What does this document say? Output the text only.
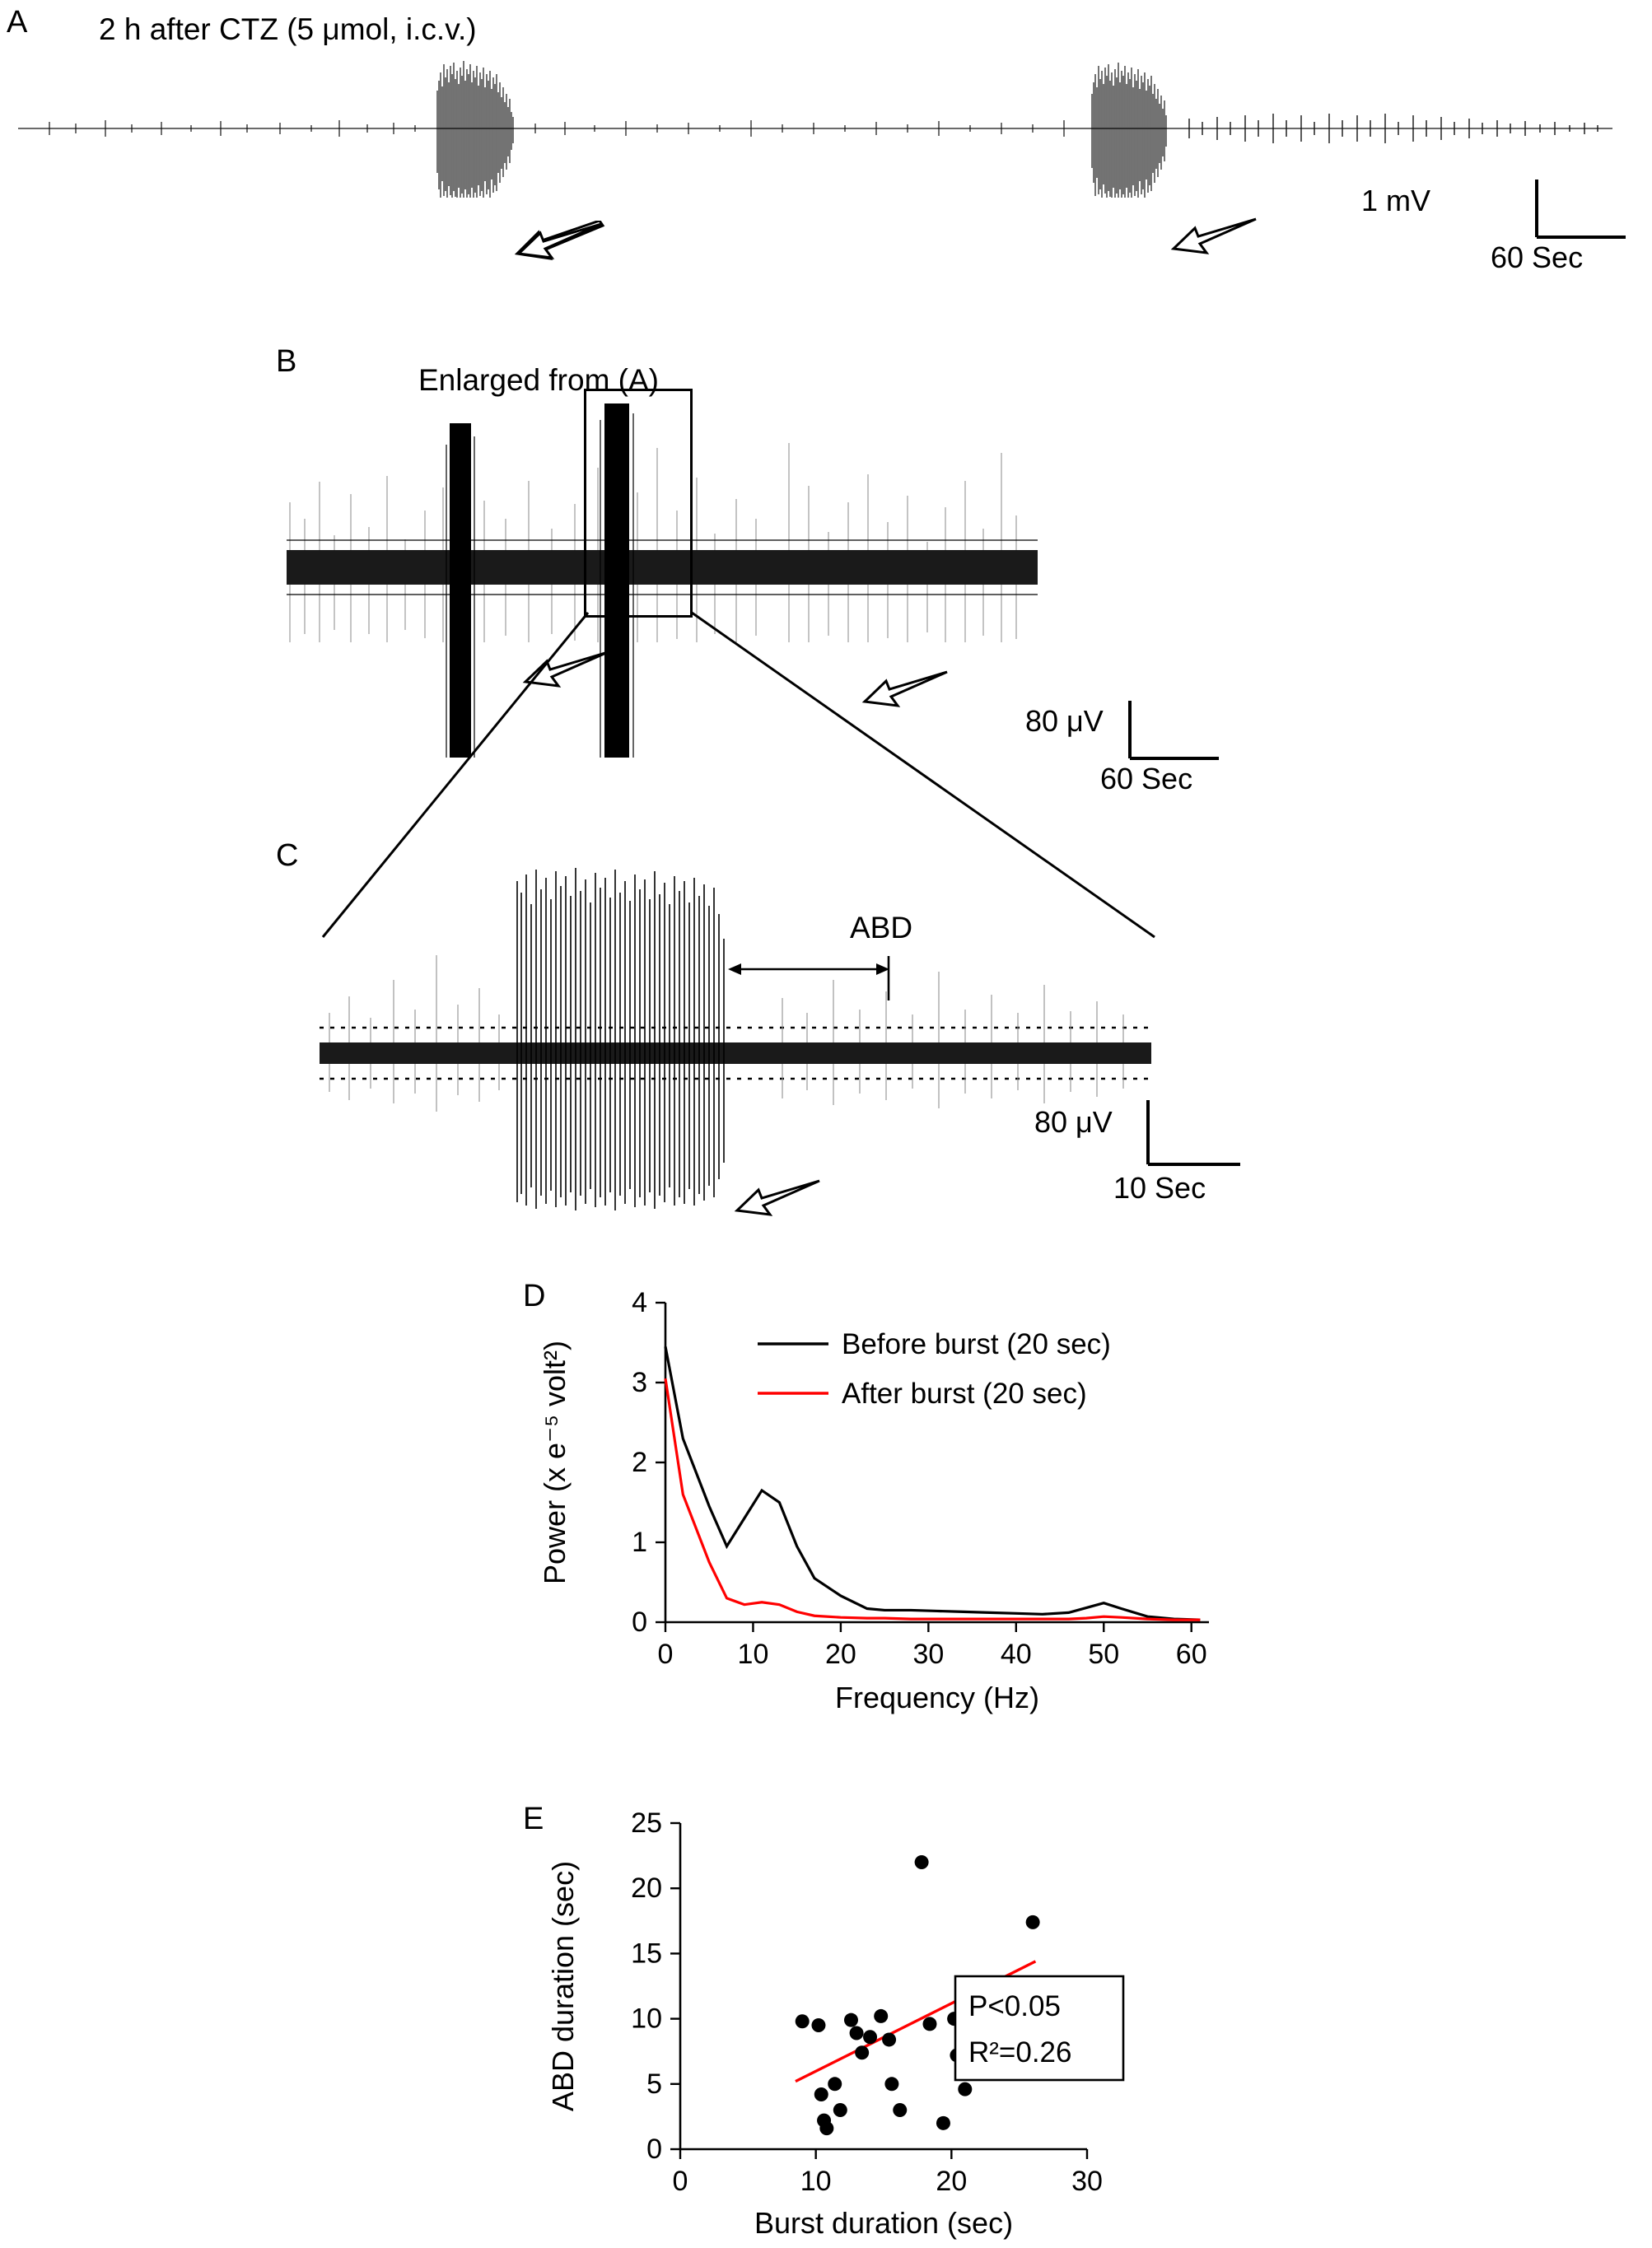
A 2 h after CTZ (5 μmol, i.c.v.)
1 mV
60 Sec
B
Enlarged from (A)
80 μV
60 Sec
C
ABD
80 μV
10 Sec
D
0
1
2
3
4
0 10 20 30 40 50 60
Frequency (Hz)
Power (x e⁻⁵ volt²)	Before burst (20 sec)
After burst (20 sec)
E
0
5
10
15
20
25
0	10	20	30
Burst duration (sec)
ABD duration (sec)	P<0.05
R²=0.26
